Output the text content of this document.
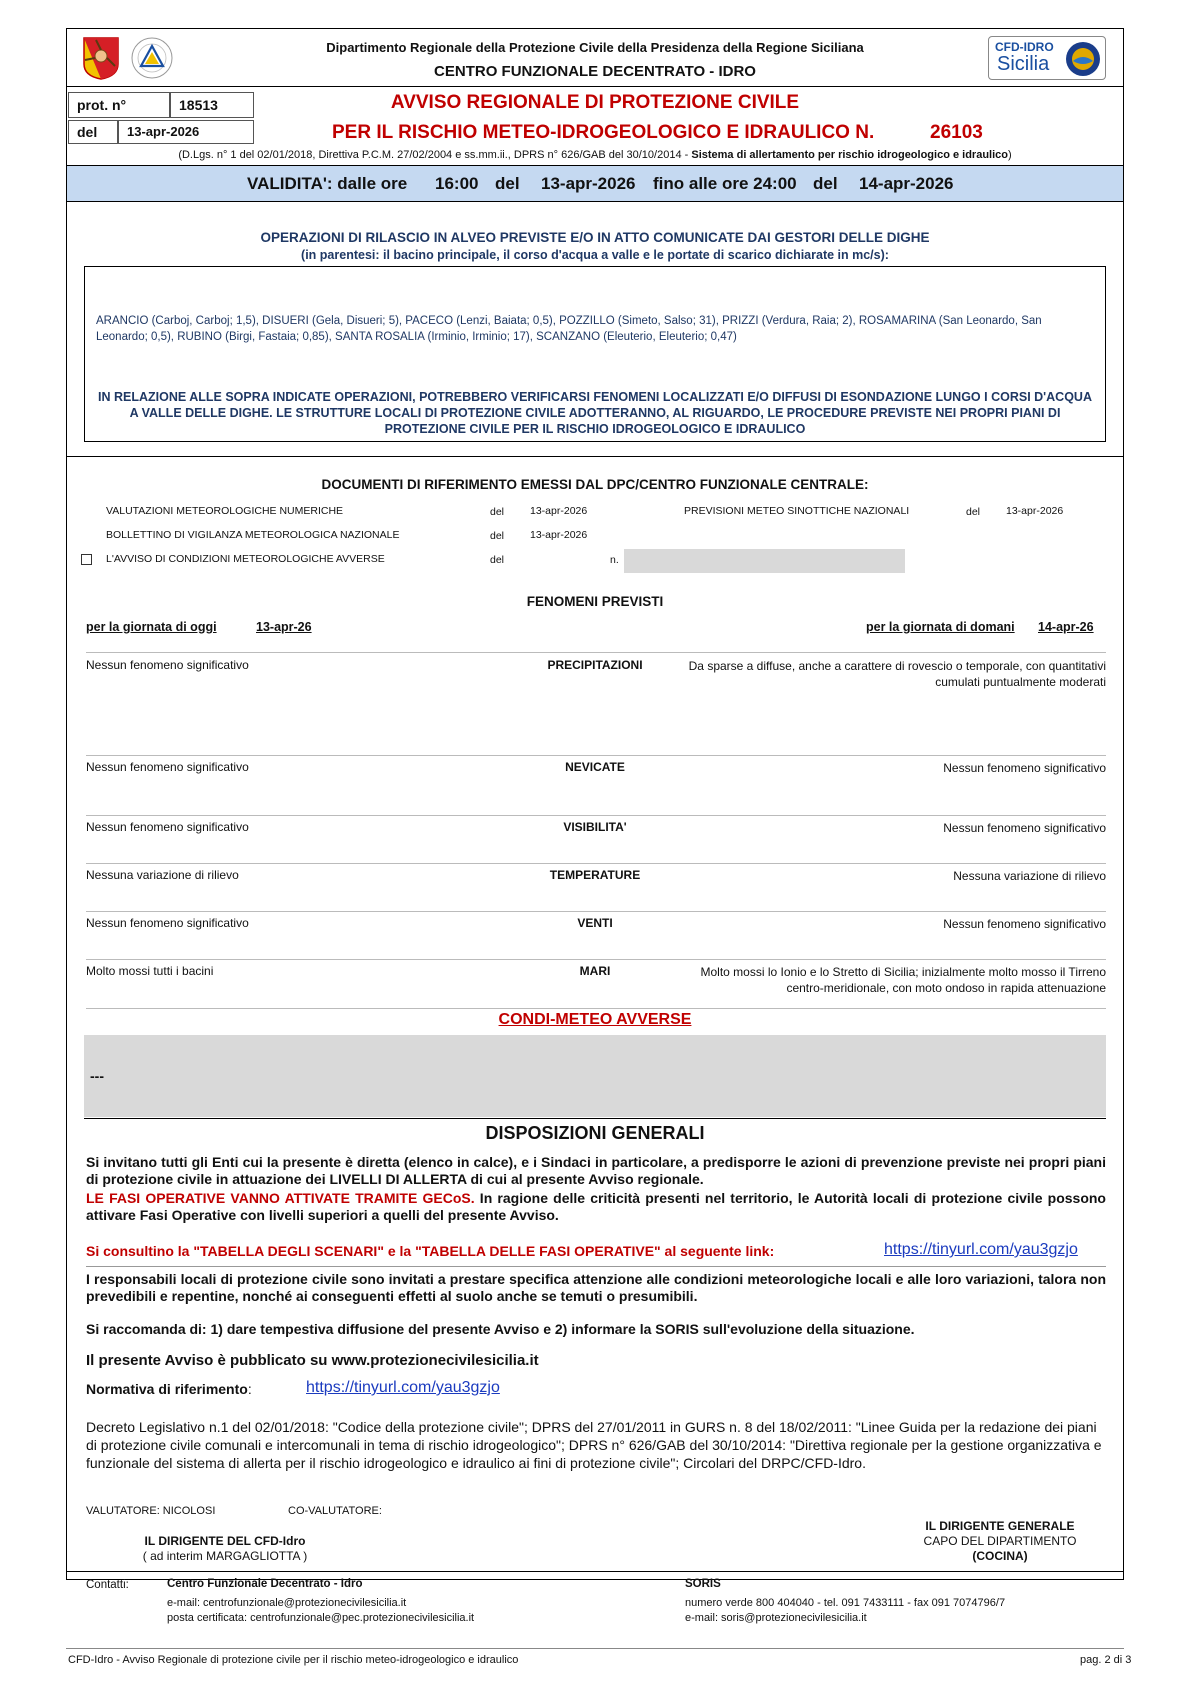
CFD-IDRO
Sicilia
Dipartimento Regionale della Protezione Civile della Presidenza della Regione Siciliana
CENTRO FUNZIONALE DECENTRATO - IDRO
prot. n°	18513
del	13-apr-2026
AVVISO REGIONALE DI PROTEZIONE CIVILE
PER IL RISCHIO METEO-IDROGEOLOGICO E IDRAULICO N.	26103
(D.Lgs. n° 1 del 02/01/2018, Direttiva P.C.M. 27/02/2004 e ss.mm.ii., DPRS n° 626/GAB del 30/10/2014 - Sistema di allertamento per rischio idrogeologico e idraulico)
VALIDITA': dalle ore 16:00 del 13-apr-2026 fino alle ore 24:00 del 14-apr-2026
OPERAZIONI DI RILASCIO IN ALVEO PREVISTE E/O IN ATTO COMUNICATE DAI GESTORI DELLE DIGHE
(in parentesi: il bacino principale, il corso d'acqua a valle e le portate di scarico dichiarate in mc/s):
ARANCIO (Carboj, Carboj; 1,5), DISUERI (Gela, Disueri; 5), PACECO (Lenzi, Baiata; 0,5), POZZILLO (Simeto, Salso; 31), PRIZZI (Verdura, Raia; 2), ROSAMARINA (San Leonardo, San Leonardo; 0,5), RUBINO (Birgi, Fastaia; 0,85), SANTA ROSALIA (Irminio, Irminio; 17), SCANZANO (Eleuterio, Eleuterio; 0,47)
IN RELAZIONE ALLE SOPRA INDICATE OPERAZIONI, POTREBBERO VERIFICARSI FENOMENI LOCALIZZATI E/O DIFFUSI DI ESONDAZIONE LUNGO I CORSI D'ACQUA A VALLE DELLE DIGHE. LE STRUTTURE LOCALI DI PROTEZIONE CIVILE ADOTTERANNO, AL RIGUARDO, LE PROCEDURE PREVISTE NEI PROPRI PIANI DI PROTEZIONE CIVILE PER IL RISCHIO IDROGEOLOGICO E IDRAULICO
DOCUMENTI DI RIFERIMENTO EMESSI DAL DPC/CENTRO FUNZIONALE CENTRALE:
VALUTAZIONI METEOROLOGICHE NUMERICHE	del 13-apr-2026	PREVISIONI METEO SINOTTICHE NAZIONALI	del 13-apr-2026
BOLLETTINO DI VIGILANZA METEOROLOGICA NAZIONALE	del 13-apr-2026
L'AVVISO DI CONDIZIONI METEOROLOGICHE AVVERSE	del	n.
FENOMENI PREVISTI
per la giornata di oggi	13-apr-26	per la giornata di domani 14-apr-26
Nessun fenomeno significativo	PRECIPITAZIONI	Da sparse a diffuse, anche a carattere di rovescio o temporale, con quantitativi cumulati puntualmente moderati
Nessun fenomeno significativo	NEVICATE	Nessun fenomeno significativo
Nessun fenomeno significativo	VISIBILITA'	Nessun fenomeno significativo
Nessuna variazione di rilievo	TEMPERATURE	Nessuna variazione di rilievo
Nessun fenomeno significativo	VENTI	Nessun fenomeno significativo
Molto mossi tutti i bacini	MARI	Molto mossi lo Ionio e lo Stretto di Sicilia; inizialmente molto mosso il Tirreno centro-meridionale, con moto ondoso in rapida attenuazione
CONDI-METEO AVVERSE
---
DISPOSIZIONI GENERALI
Si invitano tutti gli Enti cui la presente è diretta (elenco in calce), e i Sindaci in particolare, a predisporre le azioni di prevenzione previste nei propri piani di protezione civile in attuazione dei LIVELLI DI ALLERTA di cui al presente Avviso regionale.
LE FASI OPERATIVE VANNO ATTIVATE TRAMITE GECoS. In ragione delle criticità presenti nel territorio, le Autorità locali di protezione civile possono attivare Fasi Operative con livelli superiori a quelli del presente Avviso.
Si consultino la "TABELLA DEGLI SCENARI" e la "TABELLA DELLE FASI OPERATIVE" al seguente link:	https://tinyurl.com/yau3gzjo
I responsabili locali di protezione civile sono invitati a prestare specifica attenzione alle condizioni meteorologiche locali e alle loro variazioni, talora non prevedibili e repentine, nonché ai conseguenti effetti al suolo anche se temuti o presumibili.
Si raccomanda di: 1) dare tempestiva diffusione del presente Avviso e 2) informare la SORIS sull'evoluzione della situazione.
Il presente Avviso è pubblicato su www.protezionecivilesicilia.it
Normativa di riferimento:	https://tinyurl.com/yau3gzjo
Decreto Legislativo n.1 del 02/01/2018: "Codice della protezione civile"; DPRS del 27/01/2011 in GURS n. 8 del 18/02/2011: "Linee Guida per la redazione dei piani di protezione civile comunali e intercomunali in tema di rischio idrogeologico"; DPRS n° 626/GAB del 30/10/2014: "Direttiva regionale per la gestione organizzativa e funzionale del sistema di allerta per il rischio idrogeologico e idraulico ai fini di protezione civile"; Circolari del DRPC/CFD-Idro.
VALUTATORE: NICOLOSI	CO-VALUTATORE:
IL DIRIGENTE DEL CFD-Idro
( ad interim MARGAGLIOTTA )
IL DIRIGENTE GENERALE
CAPO DEL DIPARTIMENTO
(COCINA)
Contatti:	Centro Funzionale Decentrato - Idro
e-mail: centrofunzionale@protezionecivilesicilia.it
posta certificata: centrofunzionale@pec.protezionecivilesicilia.it
SORIS
numero verde 800 404040 - tel. 091 7433111 - fax 091 7074796/7
e-mail: soris@protezionecivilesicilia.it
CFD-Idro - Avviso Regionale di protezione civile per il rischio meteo-idrogeologico e idraulico	pag. 2 di 3
